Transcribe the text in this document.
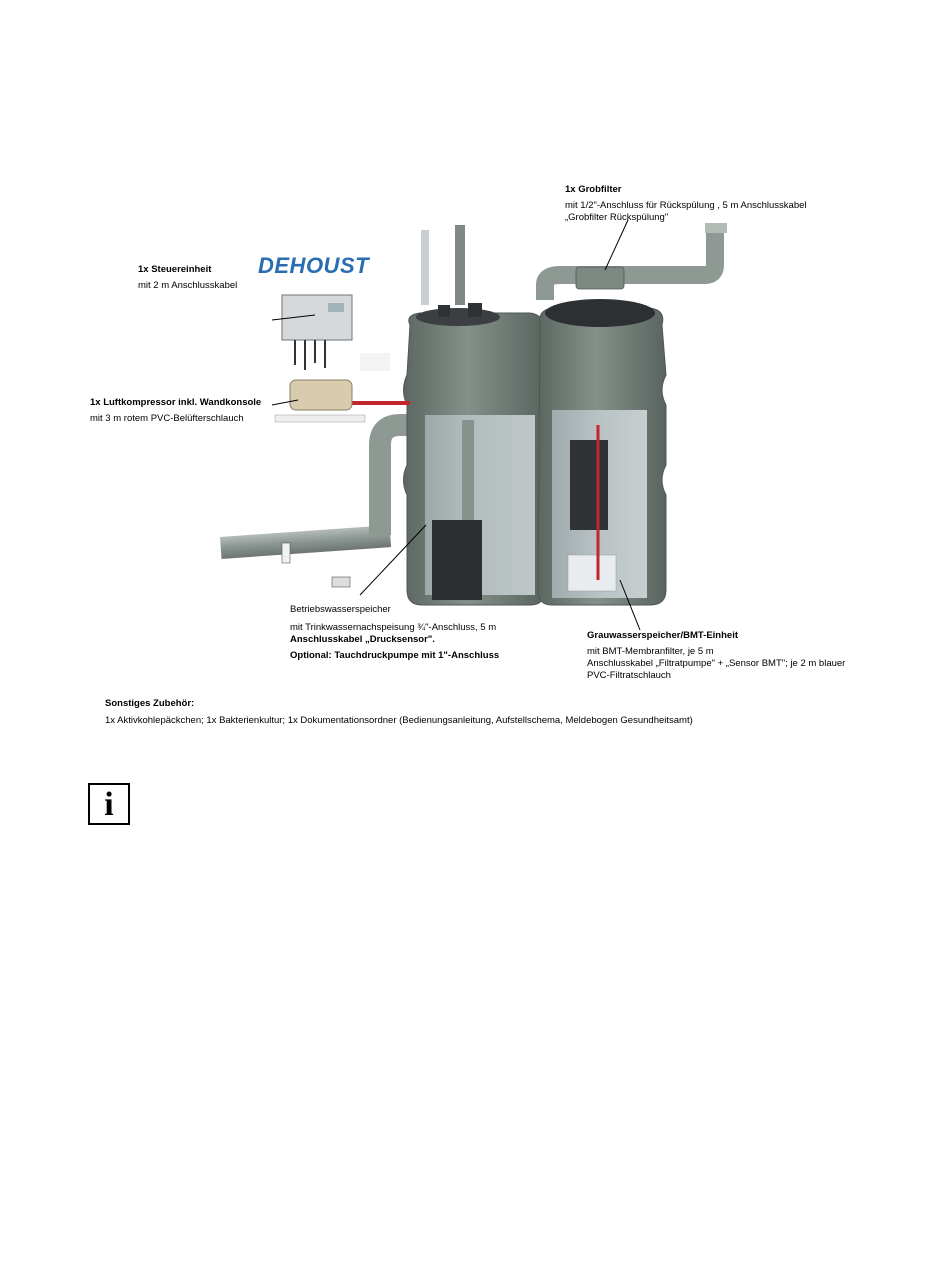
DEHOUST
1x Steuereinheit
mit 2 m Anschlusskabel
1x Luftkompressor inkl. Wandkonsole
mit 3 m rotem PVC-Belüfterschlauch
1x Grobfilter
mit 1/2"-Anschluss für Rückspülung , 5 m Anschlusskabel
„Grobfilter Rückspülung"
Betriebswasserspeicher
mit Trinkwassernachspeisung ¾"-Anschluss, 5 m
Anschlusskabel „Drucksensor".
Optional: Tauchdruckpumpe mit 1"-Anschluss
Grauwasserspeicher/BMT-Einheit
mit BMT-Membranfilter, je 5 m
Anschlusskabel „Filtratpumpe" + „Sensor BMT"; je 2 m blauer
PVC-Filtratschlauch
Sonstiges Zubehör:
1x Aktivkohlepäckchen; 1x Bakterienkultur; 1x Dokumentationsordner (Bedienungsanleitung, Aufstellschema, Meldebogen Gesundheitsamt)
i
